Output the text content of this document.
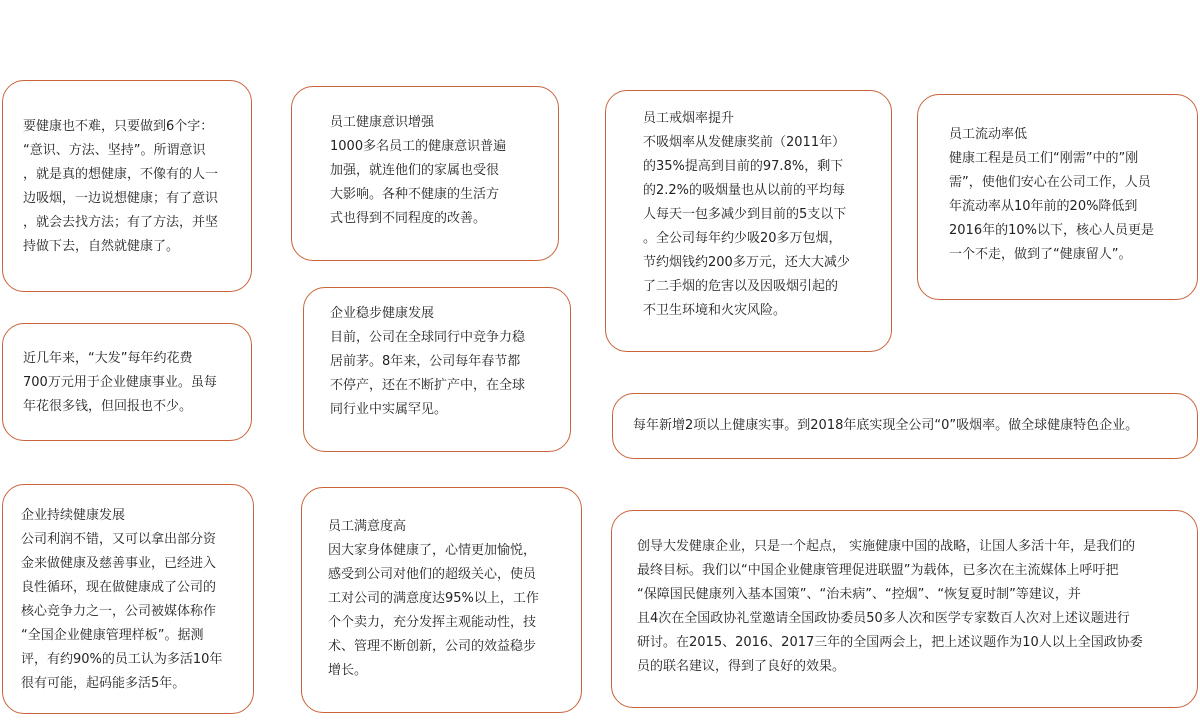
要健康也不难，只要做到6个字：
“意识、方法、坚持”。所谓意识
，就是真的想健康，不像有的人一
边吸烟，一边说想健康；有了意识
，就会去找方法；有了方法，并坚
持做下去，自然就健康了。
员工健康意识增强
1000多名员工的健康意识普遍
加强，就连他们的家属也受很
大影响。各种不健康的生活方
式也得到不同程度的改善。
员工戒烟率提升
不吸烟率从发健康奖前（2011年）
的35%提高到目前的97.8%，剩下
的2.2%的吸烟量也从以前的平均每
人每天一包多减少到目前的5支以下
。全公司每年约少吸20多万包烟，
节约烟钱约200多万元，还大大减少
了二手烟的危害以及因吸烟引起的
不卫生环境和火灾风险。
员工流动率低
健康工程是员工们“刚需”中的”刚
需”，使他们安心在公司工作，人员
年流动率从10年前的20%降低到
2016年的10%以下，核心人员更是
一个不走，做到了“健康留人”。
近几年来，“大发”每年约花费
700万元用于企业健康事业。虽每
年花很多钱，但回报也不少。
企业稳步健康发展
目前，公司在全球同行中竞争力稳
居前茅。8年来，公司每年春节都
不停产，还在不断扩产中，在全球
同行业中实属罕见。
每年新增2项以上健康实事。到2018年底实现全公司“0”吸烟率。做全球健康特色企业。
企业持续健康发展
公司利润不错，又可以拿出部分资
金来做健康及慈善事业，已经进入
良性循环，现在做健康成了公司的
核心竞争力之一，公司被媒体称作
“全国企业健康管理样板”。据测
评，有约90%的员工认为多活10年
很有可能，起码能多活5年。
员工满意度高
因大家身体健康了，心情更加愉悦，
感受到公司对他们的超级关心，使员
工对公司的满意度达95%以上，工作
个个卖力，充分发挥主观能动性，技
术、管理不断创新，公司的效益稳步
增长。
创导大发健康企业，只是一个起点， 实施健康中国的战略，让国人多活十年，是我们的
最终目标。我们以“中国企业健康管理促进联盟”为载体，已多次在主流媒体上呼吁把
“保障国民健康列入基本国策”、“治未病”、“控烟”、“恢复夏时制”等建议，并
且4次在全国政协礼堂邀请全国政协委员50多人次和医学专家数百人次对上述议题进行
研讨。在2015、2016、2017三年的全国两会上，把上述议题作为10人以上全国政协委
员的联名建议，得到了良好的效果。
